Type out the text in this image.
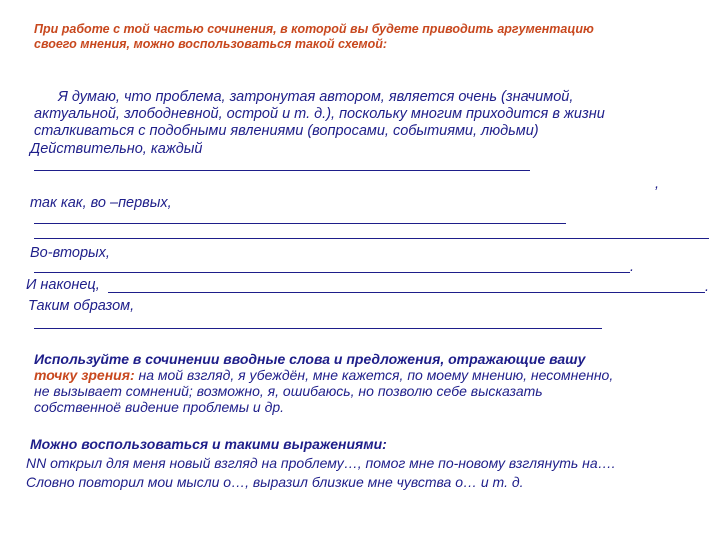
При работе с той частью сочинения, в которой вы будете приводить аргументацию
своего мнения, можно воспользоваться такой схемой:
Я думаю, что проблема, затронутая автором, является очень (значимой,
актуальной, злободневной, острой и т. д.), поскольку многим приходится в жизни
сталкиваться с подобными явлениями (вопросами, событиями, людьми)
Действительно, каждый
,
так как, во –первых,
Во-вторых,
.
И наконец,	.
Таким образом,
Используйте в сочинении вводные слова и предложения, отражающие вашу
точку зрения: на мой взгляд, я убеждён, мне кажется, по моему мнению, несомненно,
не вызывает сомнений; возможно, я, ошибаюсь, но позволю себе высказать
собственноё видение проблемы и др.
Можно воспользоваться и такими выражениями:
NN открыл для меня новый взгляд на проблему…, помог мне по-новому взглянуть на….
Словно повторил мои мысли о…, выразил близкие мне чувства о… и т. д.
